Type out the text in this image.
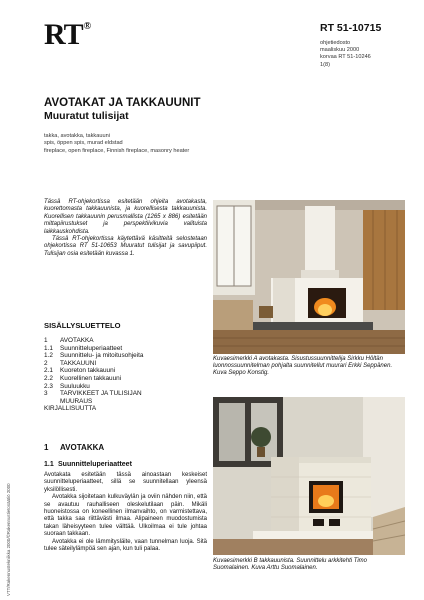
RT®	RT 51-10715
ohjetiedosto
maaliskuu 2000
korvaa RT 51-10246
1(8)
AVOTAKAT JA TAKKAUUNIT
Muuratut tulisijat
takka, avotakka, takkauuni
spis, öppen spis, murad eldstad
fireplace, open fireplace, Finnish fireplace, masonry heater

Tässä RT-ohjekortissa esitetään ohjeita avotakasta, kuorettomasta takkauunista, ja kuorellisesta takkauunista. Kuorellisen takkauunin perusmallista (1265 x 886) esitetään mittapiirustukset ja perspektiivikuvia valituista laikkauskohdista.

Tässä RT-ohjekortissa käytettävä käsitteitä selostetaan ohjekortissa RT 51-10653 Muuratut tulisijat ja savupiiput. Tulisijan osia esitetään kuvassa 1.

SISÄLLYSLUETTELO
1	AVOTAKKA
1.1	Suunnitteluperiaatteet
1.2	Suunnittelu- ja mitoitusohjeita
2	TAKKAUUNI
2.1	Kuoreton takkauuni
2.2	Kuorellinen takkauuni
2.3	Suuluukku
3	TARVIKKEET JA TULISIJAN
MUURAUS
KIRJALLISUUTTA
1	AVOTAKKA
1.1 Suunnitteluperiaatteet

Avotakata esitetään tässä ainoastaan keskeiset suunnitteluperiaatteet, sillä se suunnitellaan yleensä yksilöllisesti.

Avotakka sijoitetaan kulkuväylän ja oviin nähden niin, että se avautuu rauhalliseen oleskelutilaan päin. Mikäli huoneistossa on koneellinen ilmanvaihto, on varmistettava, että takka saa riittävästi ilmaa. Alipaineen muodostumista takan läheisyyteen tulee välttää. Ulkoilmaa ei tule johtaa suoraan takkaan.

Avotakka ei ole lämmitysläite, vaan tunnelman luoja. Sitä tulee säteilylämpöä sen ajan, kun tuli palaa.

VTT/Rakennustekniikka 2000/©Rakennustietosäätiö 2000
Kuvaesimerkki A avotakasta. Sisustussuunnittelija Sirkku Höltän luonnossuunnitelman pohjalta suunnitellut muurari Erkki Seppänen. Kuva Seppo Konstig.
Kuvaesimerkki B takkauunista. Suunnittelu arkkitehti Timo Suomalainen. Kuva Arttu Suomalainen.
